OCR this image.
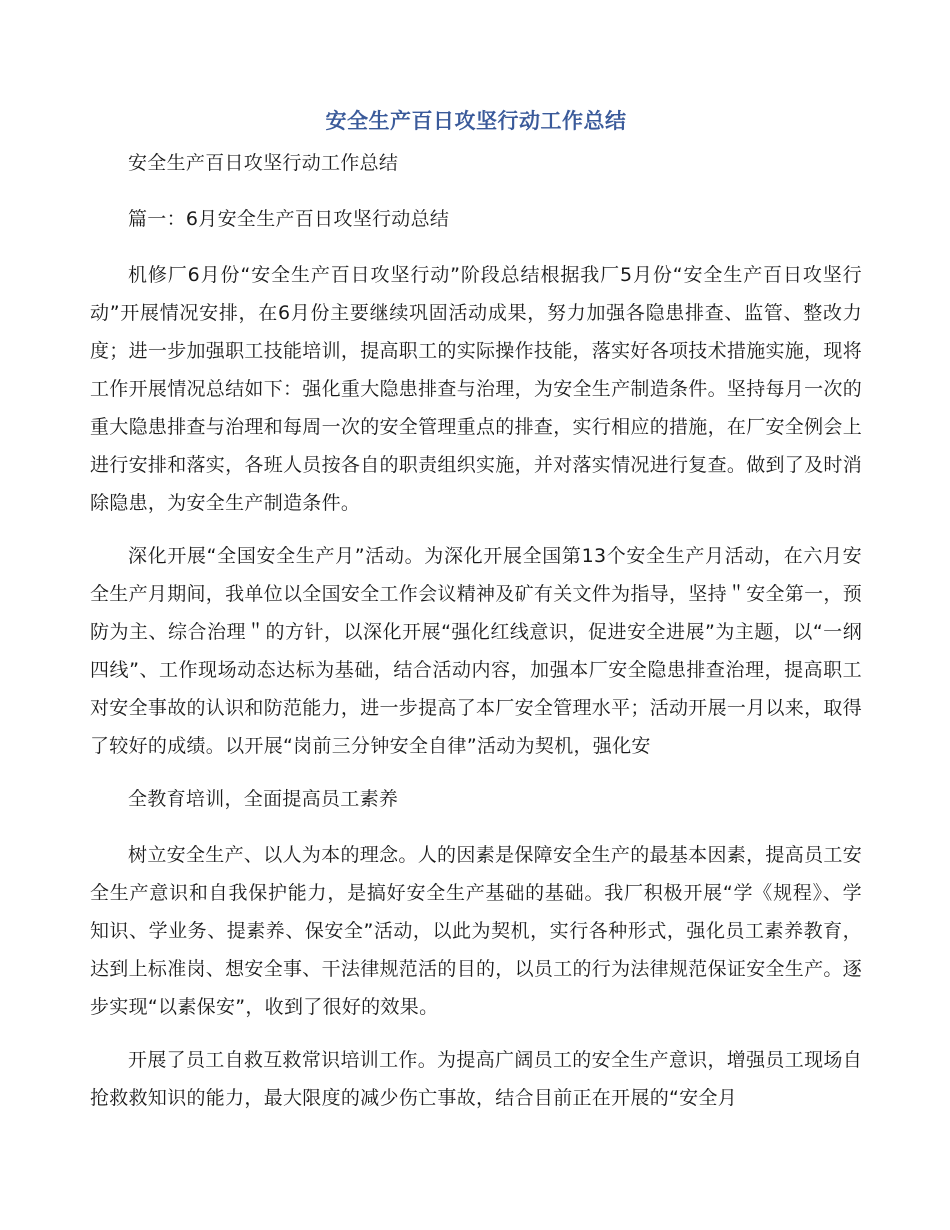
安全生产百日攻坚行动工作总结

安全生产百日攻坚行动工作总结

篇一：6月安全生产百日攻坚行动总结

机修厂6月份“安全生产百日攻坚行动”阶段总结根据我厂5月份“安全生产百日攻坚行动”开展情况安排，在6月份主要继续巩固活动成果，努力加强各隐患排查、监管、整改力度；进一步加强职工技能培训，提高职工的实际操作技能，落实好各项技术措施实施，现将工作开展情况总结如下：强化重大隐患排查与治理，为安全生产制造条件。坚持每月一次的重大隐患排查与治理和每周一次的安全管理重点的排查，实行相应的措施，在厂安全例会上进行安排和落实，各班人员按各自的职责组织实施，并对落实情况进行复查。做到了及时消除隐患，为安全生产制造条件。

深化开展“全国安全生产月”活动。为深化开展全国第13个安全生产月活动，在六月安全生产月期间，我单位以全国安全工作会议精神及矿有关文件为指导，坚持＂安全第一，预防为主、综合治理＂的方针，以深化开展“强化红线意识，促进安全进展”为主题，以“一纲四线”、工作现场动态达标为基础，结合活动内容，加强本厂安全隐患排查治理，提高职工对安全事故的认识和防范能力，进一步提高了本厂安全管理水平；活动开展一月以来，取得了较好的成绩。以开展“岗前三分钟安全自律”活动为契机，强化安

全教育培训，全面提高员工素养

树立安全生产、以人为本的理念。人的因素是保障安全生产的最基本因素，提高员工安全生产意识和自我保护能力，是搞好安全生产基础的基础。我厂积极开展“学《规程》、学知识、学业务、提素养、保安全”活动，以此为契机，实行各种形式，强化员工素养教育，达到上标准岗、想安全事、干法律规范活的目的，以员工的行为法律规范保证安全生产。逐步实现“以素保安”，收到了很好的效果。

开展了员工自救互救常识培训工作。为提高广阔员工的安全生产意识，增强员工现场自抢救救知识的能力，最大限度的减少伤亡事故，结合目前正在开展的“安全月
